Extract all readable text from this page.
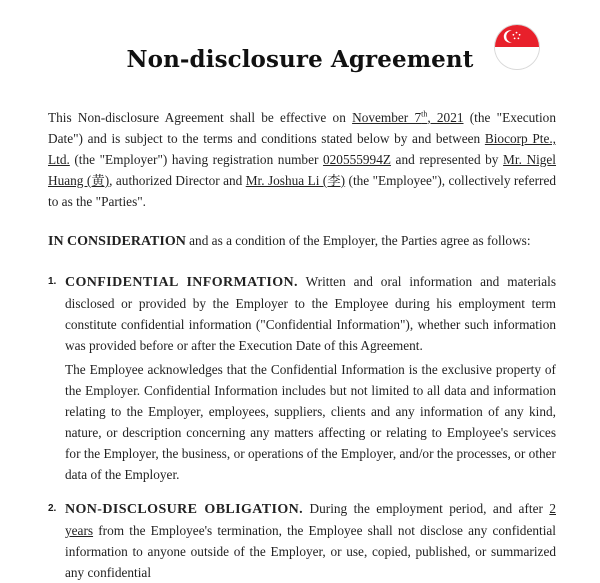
Non-disclosure Agreement
This Non-disclosure Agreement shall be effective on November 7th, 2021 (the "Execution Date") and is subject to the terms and conditions stated below by and between Biocorp Pte., Ltd. (the "Employer") having registration number 020555994Z and represented by Mr. Nigel Huang (黄), authorized Director and Mr. Joshua Li (李) (the "Employee"), collectively referred to as the "Parties".
IN CONSIDERATION and as a condition of the Employer, the Parties agree as follows:
1. CONFIDENTIAL INFORMATION. Written and oral information and materials disclosed or provided by the Employer to the Employee during his employment term constitute confidential information ("Confidential Information"), whether such information was provided before or after the Execution Date of this Agreement.
The Employee acknowledges that the Confidential Information is the exclusive property of the Employer. Confidential Information includes but not limited to all data and information relating to the Employer, employees, suppliers, clients and any information of any kind, nature, or description concerning any matters affecting or relating to Employee's services for the Employer, the business, or operations of the Employer, and/or the processes, or other data of the Employer.
2. NON-DISCLOSURE OBLIGATION. During the employment period, and after 2 years from the Employee's termination, the Employee shall not disclose any confidential information to anyone outside of the Employer, or use, copied, published, or summarized any confidential
